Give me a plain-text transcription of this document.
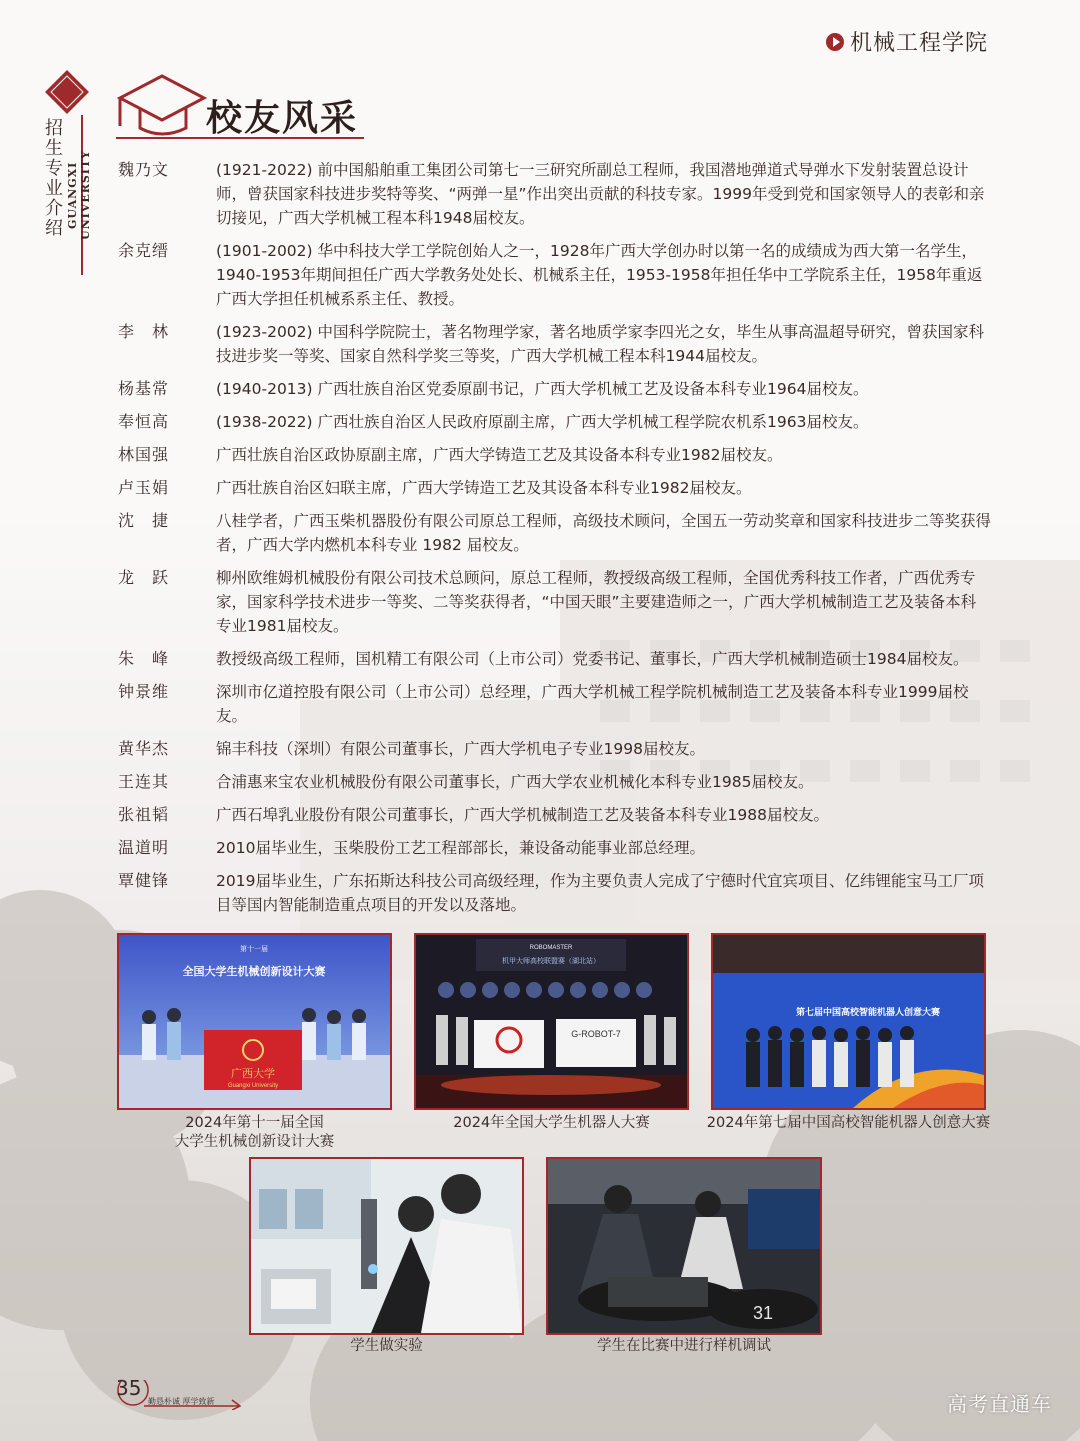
机械工程学院
招生专业介绍 GUANGXI UNIVERSITY
校友风采
魏乃文	(1921-2022) 前中国船舶重工集团公司第七一三研究所副总工程师，我国潜地弹道式导弹水下发射装置总设计师，曾获国家科技进步奖特等奖、“两弹一星”作出突出贡献的科技专家。1999年受到党和国家领导人的表彰和亲切接见，广西大学机械工程本科1948届校友。
余克缙	(1901-2002) 华中科技大学工学院创始人之一，1928年广西大学创办时以第一名的成绩成为西大第一名学生，1940-1953年期间担任广西大学教务处处长、机械系主任，1953-1958年担任华中工学院系主任，1958年重返广西大学担任机械系系主任、教授。
李　林	(1923-2002) 中国科学院院士，著名物理学家，著名地质学家李四光之女，毕生从事高温超导研究，曾获国家科技进步奖一等奖、国家自然科学奖三等奖，广西大学机械工程本科1944届校友。
杨基常	(1940-2013) 广西壮族自治区党委原副书记，广西大学机械工艺及设备本科专业1964届校友。
奉恒高	(1938-2022) 广西壮族自治区人民政府原副主席，广西大学机械工程学院农机系1963届校友。
林国强	广西壮族自治区政协原副主席，广西大学铸造工艺及其设备本科专业1982届校友。
卢玉娟	广西壮族自治区妇联主席，广西大学铸造工艺及其设备本科专业1982届校友。
沈　捷	八桂学者，广西玉柴机器股份有限公司原总工程师，高级技术顾问，全国五一劳动奖章和国家科技进步二等奖获得者，广西大学内燃机本科专业 1982 届校友。
龙　跃	柳州欧维姆机械股份有限公司技术总顾问，原总工程师，教授级高级工程师，全国优秀科技工作者，广西优秀专家，国家科学技术进步一等奖、二等奖获得者，“中国天眼”主要建造师之一，广西大学机械制造工艺及装备本科专业1981届校友。
朱　峰	教授级高级工程师，国机精工有限公司（上市公司）党委书记、董事长，广西大学机械制造硕士1984届校友。
钟景维	深圳市亿道控股有限公司（上市公司）总经理，广西大学机械工程学院机械制造工艺及装备本科专业1999届校友。
黄华杰	锦丰科技（深圳）有限公司董事长，广西大学机电子专业1998届校友。
王连其	合浦惠来宝农业机械股份有限公司董事长，广西大学农业机械化本科专业1985届校友。
张祖韬	广西石埠乳业股份有限公司董事长，广西大学机械制造工艺及装备本科专业1988届校友。
温道明	2010届毕业生，玉柴股份工艺工程部部长，兼设备动能事业部总经理。
覃健锋	2019届毕业生，广东拓斯达科技公司高级经理，作为主要负责人完成了宁德时代宜宾项目、亿纬锂能宝马工厂项目等国内智能制造重点项目的开发以及落地。
第十一届
全国大学生机械创新设计大赛
广西大学
Guangxi University
2024年第十一届全国
大学生机械创新设计大赛
ROBOMASTER
机甲大师高校联盟赛（湖北站）
G-ROBOT-7
2024年全国大学生机器人大赛
第七届中国高校智能机器人创意大赛
2024年第七届中国高校智能机器人创意大赛
学生做实验
31
学生在比赛中进行样机调试
35
勤恳朴诚 厚学致新	高考直通车
